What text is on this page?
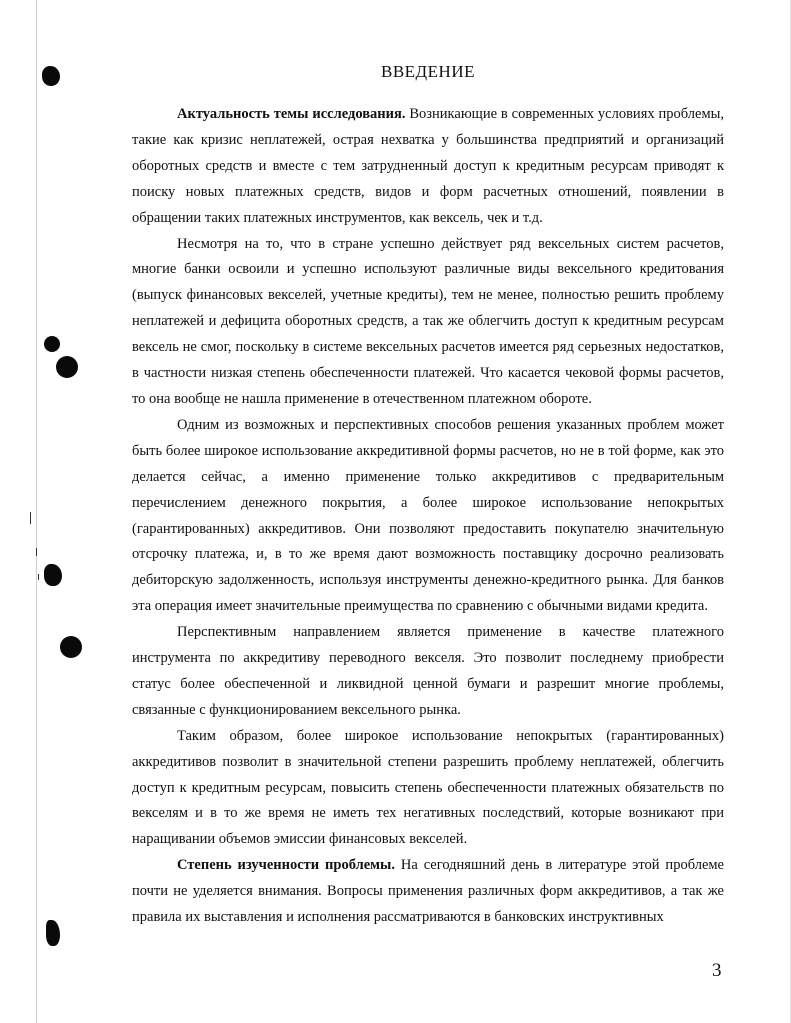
ВВЕДЕНИЕ

Актуальность темы исследования. Возникающие в современных условиях проблемы, такие как кризис неплатежей, острая нехватка у большинства предприятий и организаций оборотных средств и вместе с тем затрудненный доступ к кредитным ресурсам приводят к поиску новых платежных средств, видов и форм расчетных отношений, появлении в обращении таких платежных инструментов, как вексель, чек и т.д.

Несмотря на то, что в стране успешно действует ряд вексельных систем расчетов, многие банки освоили и успешно используют различные виды вексельного кредитования (выпуск финансовых векселей, учетные кредиты), тем не менее, полностью решить проблему неплатежей и дефицита оборотных средств, а так же облегчить доступ к кредитным ресурсам вексель не смог, поскольку в системе вексельных расчетов имеется ряд серьезных недостатков, в частности низкая степень обеспеченности платежей. Что касается чековой формы расчетов, то она вообще не нашла применение в отечественном платежном обороте.

Одним из возможных и перспективных способов решения указанных проблем может быть более широкое использование аккредитивной формы расчетов, но не в той форме, как это делается сейчас, а именно применение только аккредитивов с предварительным перечислением денежного покрытия, а более широкое использование непокрытых (гарантированных) аккредитивов. Они позволяют предоставить покупателю значительную отсрочку платежа, и, в то же время дают возможность поставщику досрочно реализовать дебиторскую задолженность, используя инструменты денежно-кредитного рынка. Для банков эта операция имеет значительные преимущества по сравнению с обычными видами кредита.

Перспективным направлением является применение в качестве платежного инструмента по аккредитиву переводного векселя. Это позволит последнему приобрести статус более обеспеченной и ликвидной ценной бумаги и разрешит многие проблемы, связанные с функционированием вексельного рынка.

Таким образом, более широкое использование непокрытых (гарантированных) аккредитивов позволит в значительной степени разрешить проблему неплатежей, облегчить доступ к кредитным ресурсам, повысить степень обеспеченности платежных обязательств по векселям и в то же время не иметь тех негативных последствий, которые возникают при наращивании объемов эмиссии финансовых векселей.

Степень изученности проблемы. На сегодняшний день в литературе этой проблеме почти не уделяется внимания. Вопросы применения различных форм аккредитивов, а так же правила их выставления и исполнения рассматриваются в банковских инструктивных

3
